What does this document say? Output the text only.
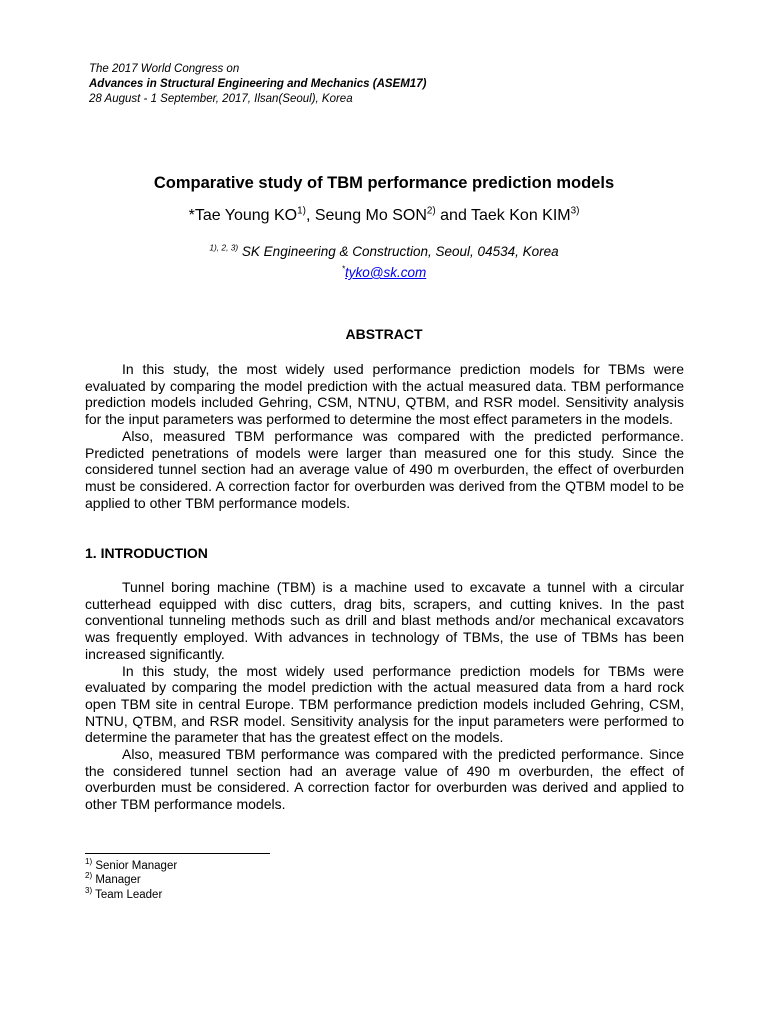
The 2017 World Congress on
Advances in Structural Engineering and Mechanics (ASEM17)
28 August - 1 September, 2017, Ilsan(Seoul), Korea
Comparative study of TBM performance prediction models
*Tae Young KO$^{1)}$, Seung Mo SON$^{2)}$ and Taek Kon KIM$^{3)}$
$^{1), 2, 3)}$ SK Engineering & Construction, Seoul, 04534, Korea
*tyko@sk.com
ABSTRACT

In this study, the most widely used performance prediction models for TBMs were evaluated by comparing the model prediction with the actual measured data. TBM performance prediction models included Gehring, CSM, NTNU, QTBM, and RSR model. Sensitivity analysis for the input parameters was performed to determine the most effect parameters in the models.

Also, measured TBM performance was compared with the predicted performance. Predicted penetrations of models were larger than measured one for this study. Since the considered tunnel section had an average value of 490 m overburden, the effect of overburden must be considered. A correction factor for overburden was derived from the QTBM model to be applied to other TBM performance models.

1. INTRODUCTION

Tunnel boring machine (TBM) is a machine used to excavate a tunnel with a circular cutterhead equipped with disc cutters, drag bits, scrapers, and cutting knives. In the past conventional tunneling methods such as drill and blast methods and/or mechanical excavators was frequently employed. With advances in technology of TBMs, the use of TBMs has been increased significantly.

In this study, the most widely used performance prediction models for TBMs were evaluated by comparing the model prediction with the actual measured data from a hard rock open TBM site in central Europe. TBM performance prediction models included Gehring, CSM, NTNU, QTBM, and RSR model. Sensitivity analysis for the input parameters were performed to determine the parameter that has the greatest effect on the models.

Also, measured TBM performance was compared with the predicted performance. Since the considered tunnel section had an average value of 490 m overburden, the effect of overburden must be considered. A correction factor for overburden was derived and applied to other TBM performance models.

$^{1)}$ Senior Manager
$^{2)}$ Manager
$^{3)}$ Team Leader
